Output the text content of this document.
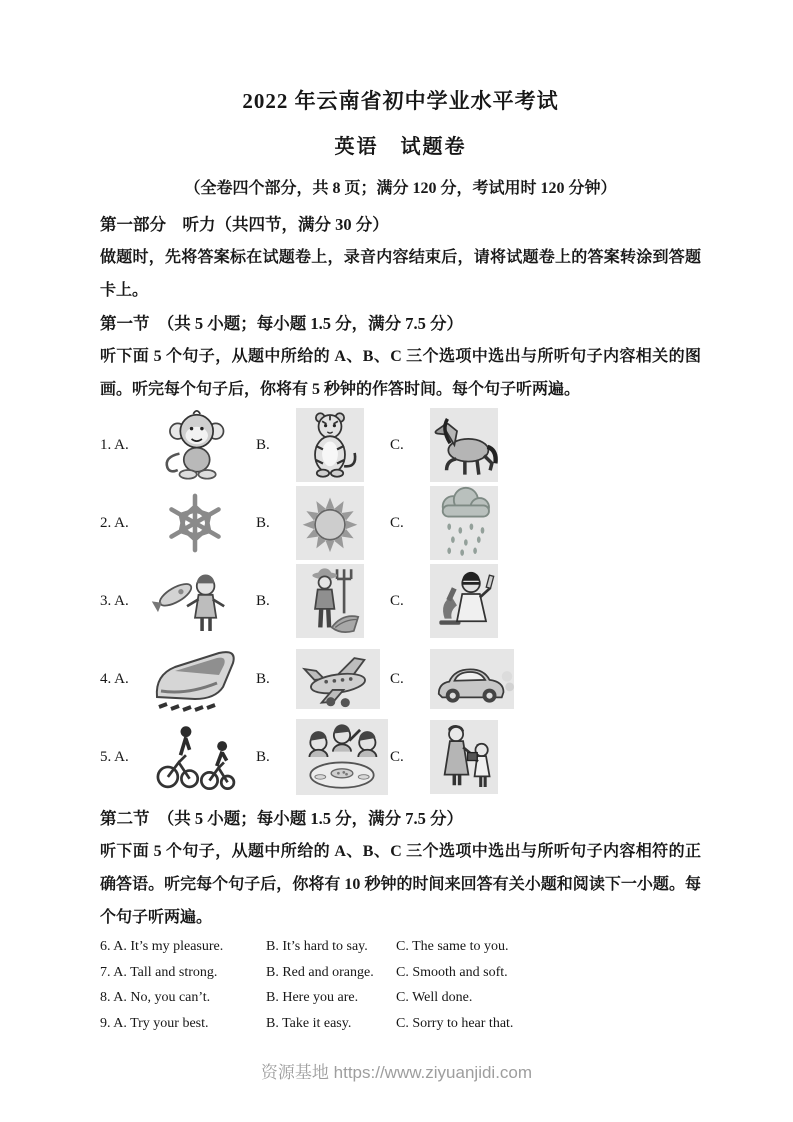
2022 年云南省初中学业水平考试
英语　试题卷
（全卷四个部分，共 8 页；满分 120 分，考试用时 120 分钟）
第一部分　听力（共四节，满分 30 分）
做题时，先将答案标在试题卷上，录音内容结束后，请将试题卷上的答案转涂到答题卡上。
第一节　（共 5 小题；每小题 1.5 分，满分 7.5 分）
听下面 5 个句子，从题中所给的 A、B、C 三个选项中选出与所听句子内容相关的图画。听完每个句子后，你将有 5 秒钟的作答时间。每个句子听两遍。
1. A.	B.	C.
2. A.	B.	C.
3. A.	B.	C.
4. A.	B.	C.
5. A.	B.	C.
第二节　（共 5 小题；每小题 1.5 分，满分 7.5 分）
听下面 5 个句子，从题中所给的 A、B、C 三个选项中选出与所听句子内容相符的正确答语。听完每个句子后，你将有 10 秒钟的时间来回答有关小题和阅读下一小题。每个句子听两遍。
6. A. It’s my pleasure.	B. It’s hard to say.	C. The same to you.
7. A. Tall and strong.	B. Red and orange.	C. Smooth and soft.
8. A. No, you can’t.	B. Here you are.	C. Well done.
9. A. Try your best.	B. Take it easy.	C. Sorry to hear that.
资源基地 https://www.ziyuanjidi.com
